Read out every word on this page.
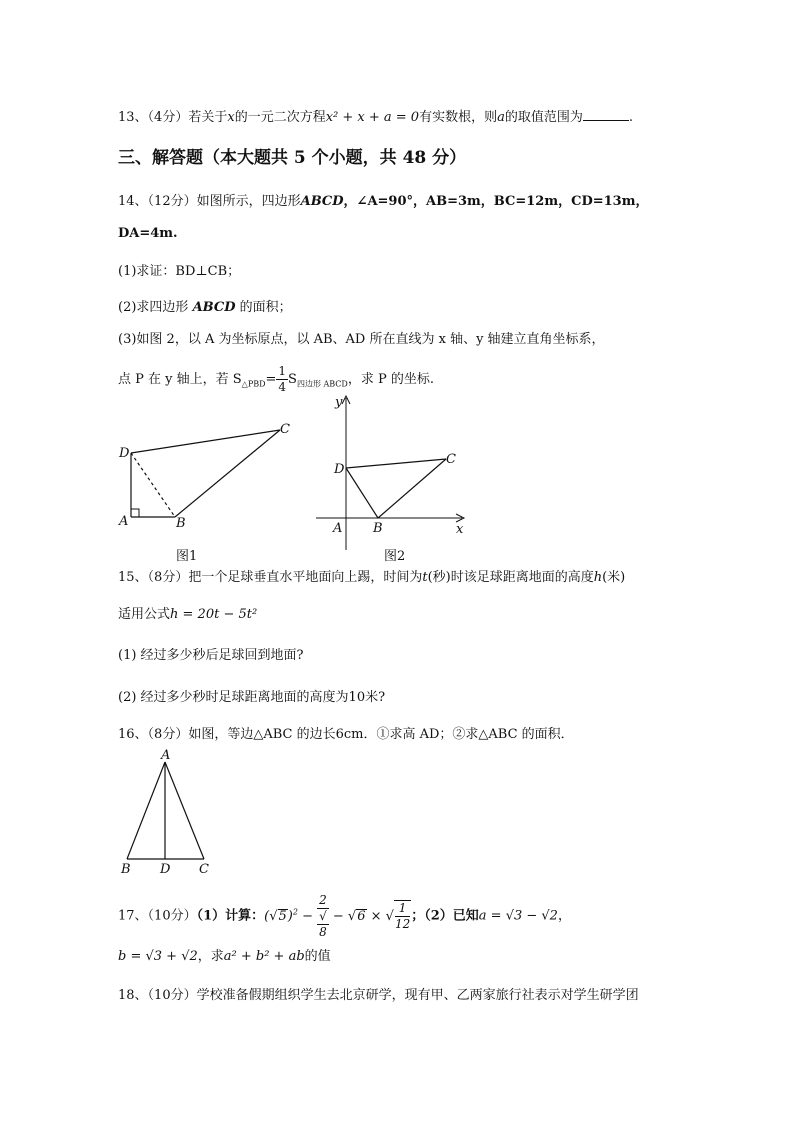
13、（4分）若关于x的一元二次方程x² + x + a = 0有实数根，则a的取值范围为	.
三、解答题（本大题共 5 个小题，共 48 分）
14、（12分）如图所示，四边形ABCD，∠A=90°，AB=3m，BC=12m，CD=13m，
DA=4m.
(1)求证：BD⊥CB；
(2)求四边形 ABCD 的面积；
(3)如图 2，以 A 为坐标原点，以 AB、AD 所在直线为 x 轴、y 轴建立直角坐标系，
点 P 在 y 轴上，若 $S_{\triangle PBD}= \frac{1}{4} S_{四边形 ABCD}$，求 P 的坐标.
D
A	B
C
图1
y
x
D
A B
C
图2
15、（8分）把一个足球垂直水平地面向上踢，时间为t(秒)时该足球距离地面的高度h(米)
适用公式h = 20t − 5t²
(1) 经过多少秒后足球回到地面?
(2) 经过多少秒时足球距离地面的高度为10米?
16、（8分）如图，等边△ABC 的边长6cm．①求高 AD；②求△ABC 的面积．
A
B D C
17、（10分）（1）计算：$(√5)^2 - 2$
√
8 − √6 × √ $\frac{1}{12}$ ；（2）已知a = √3 − √2，
b = √3 + √2，求a² + b² + ab的值
18、（10分）学校准备假期组织学生去北京研学，现有甲、乙两家旅行社表示对学生研学团
